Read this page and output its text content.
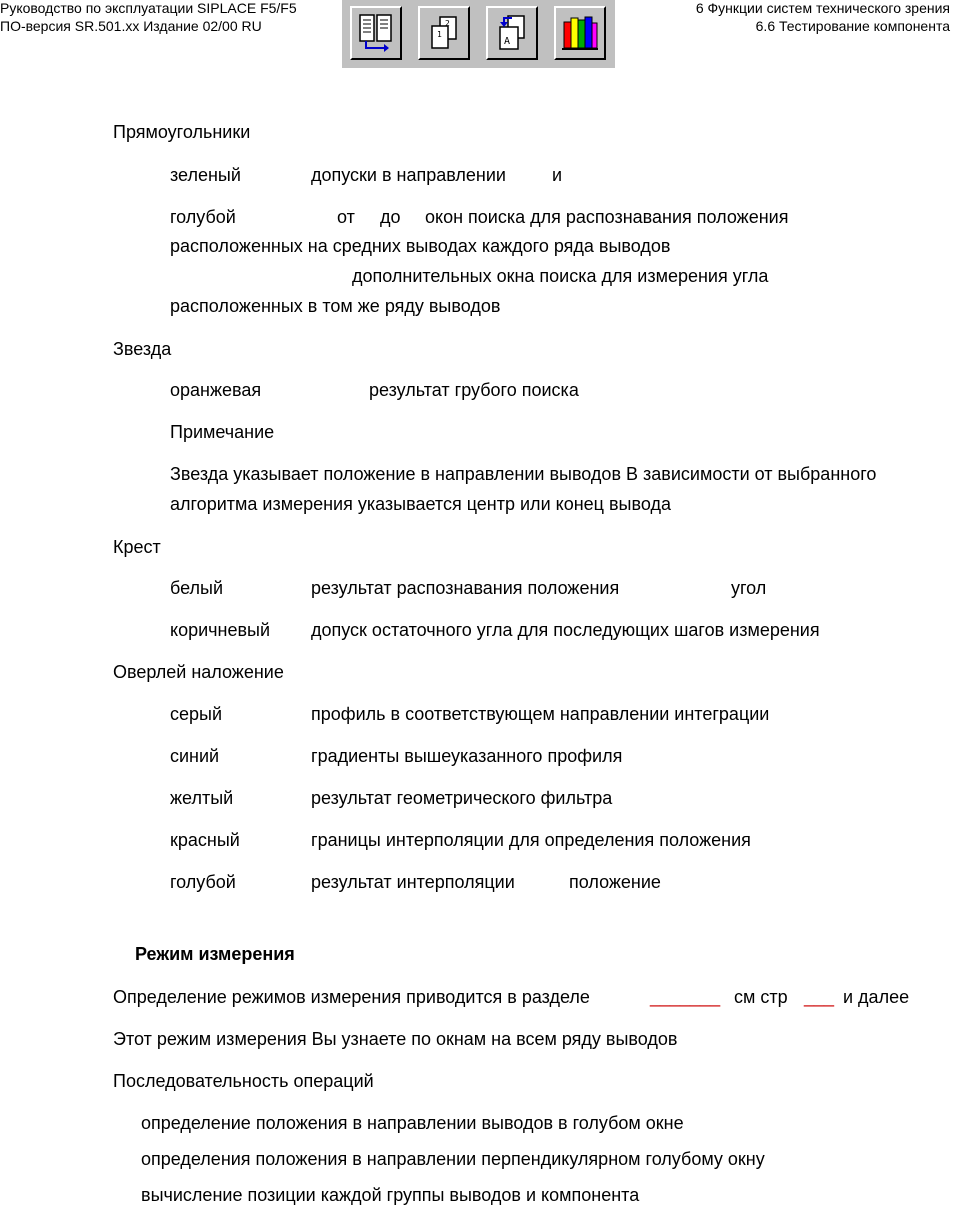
Руководство по эксплуатации SIPLACE F5/F5
ПО-версия SR.501.xx Издание 02/00 RU
6 Функции систем технического зрения
6.6 Тестирование компонента
2
1
A
Прямоугольники
зеленый	допуски в направлении	и
голубой	от до окон поиска для распознавания положения
расположенных на средних выводах каждого ряда выводов
дополнительных окна поиска для измерения угла
расположенных в том же ряду выводов
Звезда
оранжевая	результат грубого поиска
Примечание
Звезда указывает положение в направлении выводов В зависимости от выбранного
алгоритма измерения указывается центр или конец вывода
Крест
белый	результат распознавания положения	угол
коричневый допуск остаточного угла для последующих шагов измерения
Оверлей наложение
серый	профиль в соответствующем направлении интеграции
синий	градиенты вышеуказанного профиля
желтый	результат геометрического фильтра
красный	границы интерполяции для определения положения
голубой	результат интерполяции	положение
Режим измерения
Определение режимов измерения приводится в разделе	_______ см стр ___ и далее
Этот режим измерения Вы узнаете по окнам на всем ряду выводов
Последовательность операций
определение положения в направлении выводов в голубом окне
определения положения в направлении перпендикулярном голубому окну
вычисление позиции каждой группы выводов и компонента
